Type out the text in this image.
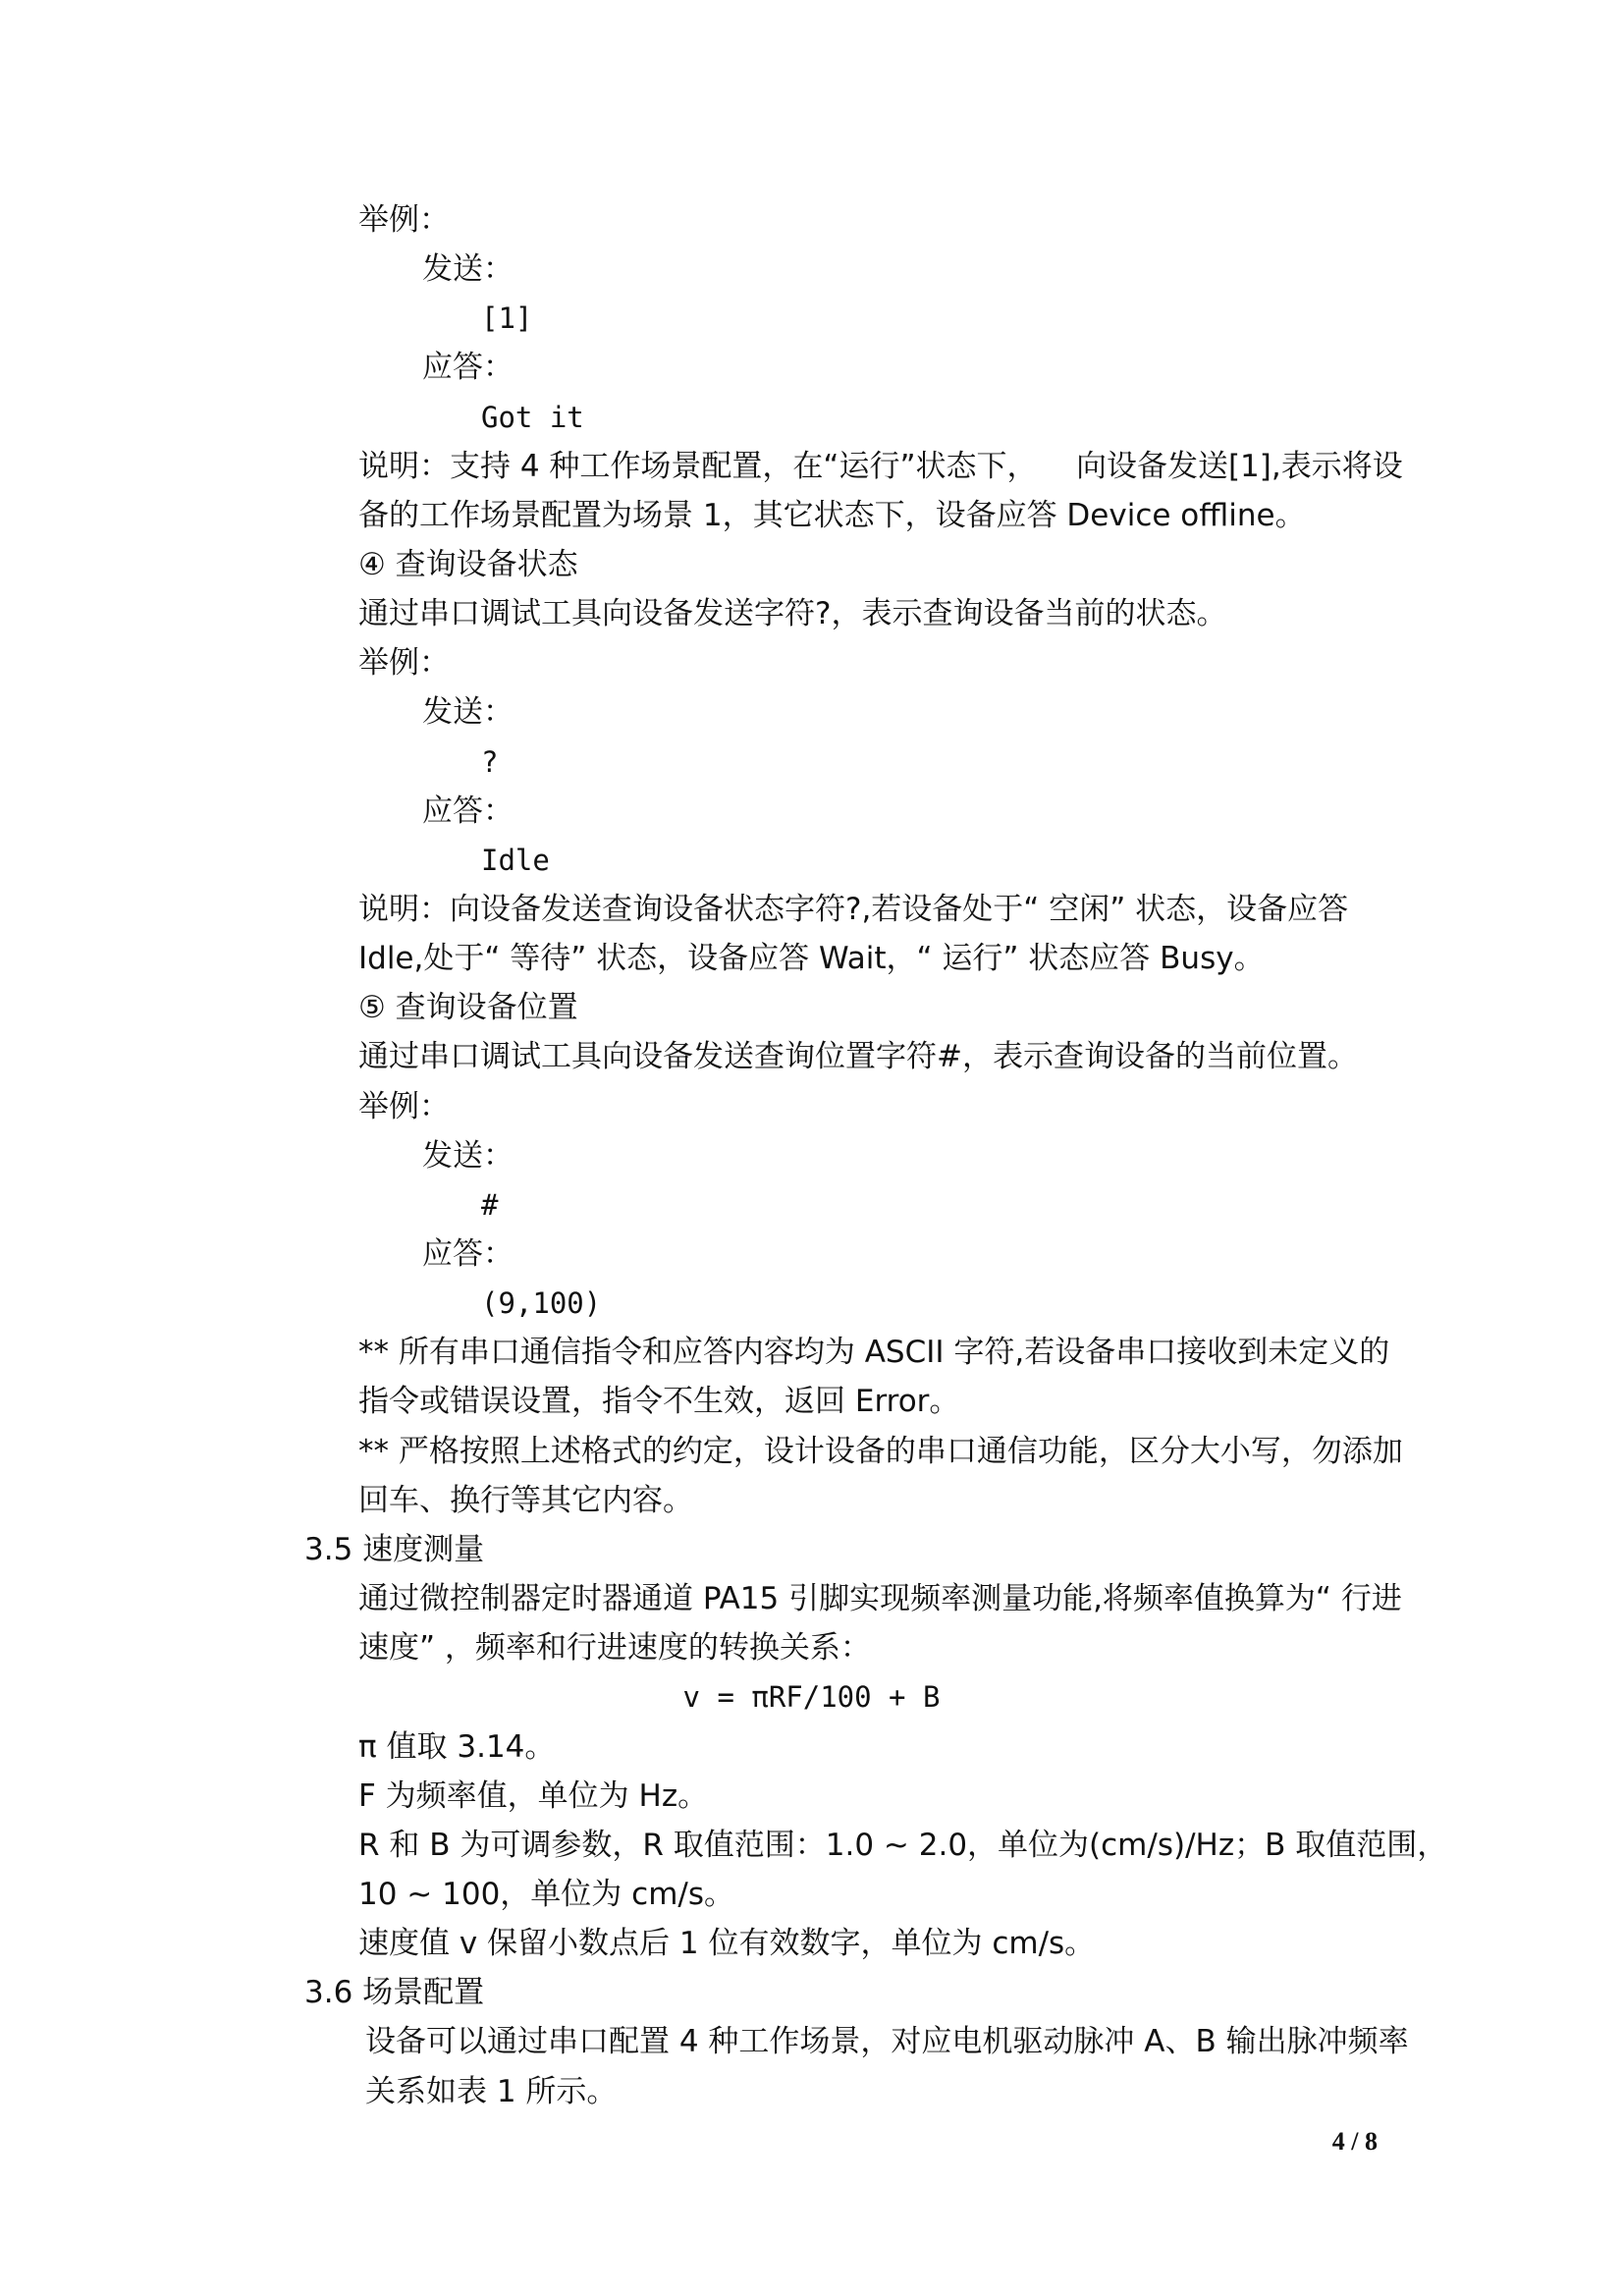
举例：
发送：
[1]
应答：
Got it
说明：支持 4 种工作场景配置，在“运行”状态下，    向设备发送[1],表示将设
备的工作场景配置为场景 1，其它状态下，设备应答 Device offline。
④ 查询设备状态
通过串口调试工具向设备发送字符?，表示查询设备当前的状态。
举例：
发送：
?
应答：
Idle
说明：向设备发送查询设备状态字符?,若设备处于“ 空闲” 状态，设备应答
Idle,处于“ 等待” 状态，设备应答 Wait，“ 运行” 状态应答 Busy。
⑤ 查询设备位置
通过串口调试工具向设备发送查询位置字符#，表示查询设备的当前位置。
举例：
发送：
#
应答：
(9,100)
** 所有串口通信指令和应答内容均为 ASCII 字符,若设备串口接收到未定义的
指令或错误设置，指令不生效，返回 Error。
** 严格按照上述格式的约定，设计设备的串口通信功能，区分大小写，勿添加
回车、换行等其它内容。
3.5 速度测量
通过微控制器定时器通道 PA15 引脚实现频率测量功能,将频率值换算为“ 行进
速度” ，频率和行进速度的转换关系：
v = πRF/100 + B
π 值取 3.14。
F 为频率值，单位为 Hz。
R 和 B 为可调参数，R 取值范围：1.0 ~ 2.0，单位为(cm/s)/Hz；B 取值范围，
10 ~ 100，单位为 cm/s。
速度值 v 保留小数点后 1 位有效数字，单位为 cm/s。
3.6 场景配置
设备可以通过串口配置 4 种工作场景，对应电机驱动脉冲 A、B 输出脉冲频率
关系如表 1 所示。
4 / 8
